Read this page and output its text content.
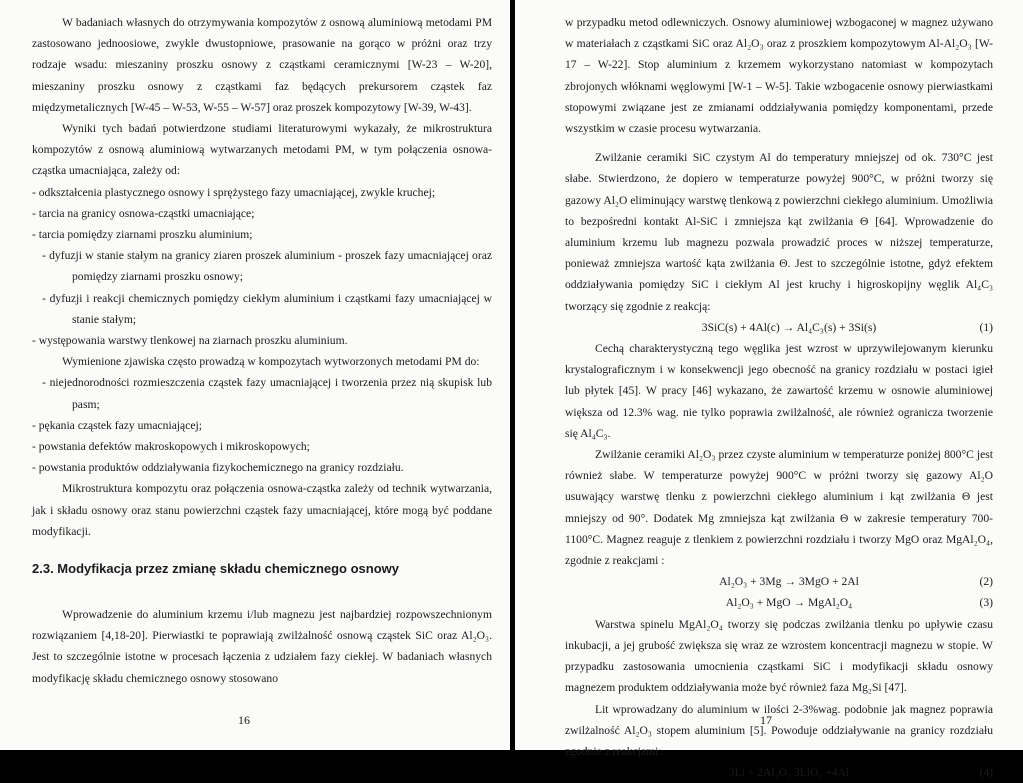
W badaniach własnych do otrzymywania kompozytów z osnową aluminiową metodami PM zastosowano jednoosiowe, zwykle dwustopniowe, prasowanie na gorąco w próżni oraz trzy rodzaje wsadu: mieszaniny proszku osnowy z cząstkami ceramicznymi [W-23 – W-20], mieszaniny proszku osnowy z cząstkami faz będących prekursorem cząstek faz międzymetalicznych [W-45 – W-53, W-55 – W-57] oraz proszek kompozytowy [W-39, W-43].

Wyniki tych badań potwierdzone studiami literaturowymi wykazały, że mikrostruktura kompozytów z osnową aluminiową wytwarzanych metodami PM, w tym połączenia osnowa-cząstka umacniająca, zależy od:

- odkształcenia plastycznego osnowy i sprężystego fazy umacniającej, zwykle kruchej;

- tarcia na granicy osnowa-cząstki umacniające;

- tarcia pomiędzy ziarnami proszku aluminium;

- dyfuzji w stanie stałym na granicy ziaren proszek aluminium - proszek fazy umacniającej oraz pomiędzy ziarnami proszku osnowy;

- dyfuzji i reakcji chemicznych pomiędzy ciekłym aluminium i cząstkami fazy umacniającej w stanie stałym;

- występowania warstwy tlenkowej na ziarnach proszku aluminium.

Wymienione zjawiska często prowadzą w kompozytach wytworzonych metodami PM do:

- niejednorodności rozmieszczenia cząstek fazy umacniającej i tworzenia przez nią skupisk lub pasm;

- pękania cząstek fazy umacniającej;

- powstania defektów makroskopowych i mikroskopowych;

- powstania produktów oddziaływania fizykochemicznego na granicy rozdziału.

Mikrostruktura kompozytu oraz połączenia osnowa-cząstka zależy od technik wytwarzania, jak i składu osnowy oraz stanu powierzchni cząstek fazy umacniającej, które mogą być poddane modyfikacji.

2.3. Modyfikacja przez zmianę składu chemicznego osnowy

Wprowadzenie do aluminium krzemu i/lub magnezu jest najbardziej rozpowszechnionym rozwiązaniem [4,18-20]. Pierwiastki te poprawiają zwilżalność osnową cząstek SiC oraz Al₂O₃. Jest to szczególnie istotne w procesach łączenia z udziałem fazy ciekłej. W badaniach własnych modyfikację składu chemicznego osnowy stosowano

16

w przypadku metod odlewniczych. Osnowy aluminiowej wzbogaconej w magnez używano w materiałach z cząstkami SiC oraz Al₂O₃ oraz z proszkiem kompozytowym Al-Al₂O₃ [W-17 – W-22]. Stop aluminium z krzemem wykorzystano natomiast w kompozytach zbrojonych włóknami węglowymi [W-1 – W-5]. Takie wzbogacenie osnowy pierwiastkami stopowymi związane jest ze zmianami oddziaływania pomiędzy komponentami, przede wszystkim w czasie procesu wytwarzania.

Zwilżanie ceramiki SiC czystym Al do temperatury mniejszej od ok. 730°C jest słabe. Stwierdzono, że dopiero w temperaturze powyżej 900°C, w próżni tworzy się gazowy Al₂O eliminujący warstwę tlenkową z powierzchni ciekłego aluminium. Umożliwia to bezpośredni kontakt Al-SiC i zmniejsza kąt zwilżania Θ [64]. Wprowadzenie do aluminium krzemu lub magnezu pozwala prowadzić proces w niższej temperaturze, ponieważ zmniejsza wartość kąta zwilżania Θ. Jest to szczególnie istotne, gdyż efektem oddziaływania pomiędzy SiC i ciekłym Al jest kruchy i higroskopijny węglik Al₄C₃ tworzący się zgodnie z reakcją:

3SiC(s) + 4Al(c) → Al₄C₃(s) + 3Si(s)	(1)

Cechą charakterystyczną tego węglika jest wzrost w uprzywilejowanym kierunku krystalograficznym i w konsekwencji jego obecność na granicy rozdziału w postaci igieł lub płytek [45]. W pracy [46] wykazano, że zawartość krzemu w osnowie aluminiowej większa od 12.3% wag. nie tylko poprawia zwilżalność, ale również ogranicza tworzenie się Al₄C₃.

Zwilżanie ceramiki Al₂O₃ przez czyste aluminium w temperaturze poniżej 800°C jest również słabe. W temperaturze powyżej 900°C w próżni tworzy się gazowy Al₂O usuwający warstwę tlenku z powierzchni ciekłego aluminium i kąt zwilżania Θ jest mniejszy od 90°. Dodatek Mg zmniejsza kąt zwilżania Θ w zakresie temperatury 700-1100°C. Magnez reaguje z tlenkiem z powierzchni rozdziału i tworzy MgO oraz MgAl₂O₄, zgodnie z reakcjami :

Al₂O₃ + 3Mg → 3MgO + 2Al	(2)
Al₂O₃ + MgO → MgAl₂O₄	(3)

Warstwa spinelu MgAl₂O₄ tworzy się podczas zwilżania tlenku po upływie czasu inkubacji, a jej grubość zwiększa się wraz ze wzrostem koncentracji magnezu w stopie. W przypadku zastosowania umocnienia cząstkami SiC i modyfikacji składu osnowy magnezem produktem oddziaływania może być również faza Mg₂Si [47].

Lit wprowadzany do aluminium w ilości 2-3%wag. podobnie jak magnez poprawia zwilżalność Al₂O₃ stopem aluminium [5]. Powoduje oddziaływanie na granicy rozdziału zgodnie z reakcjami:

3Li + 2Al₂O₃ 3LiO₂ +4Al	(4)
17
